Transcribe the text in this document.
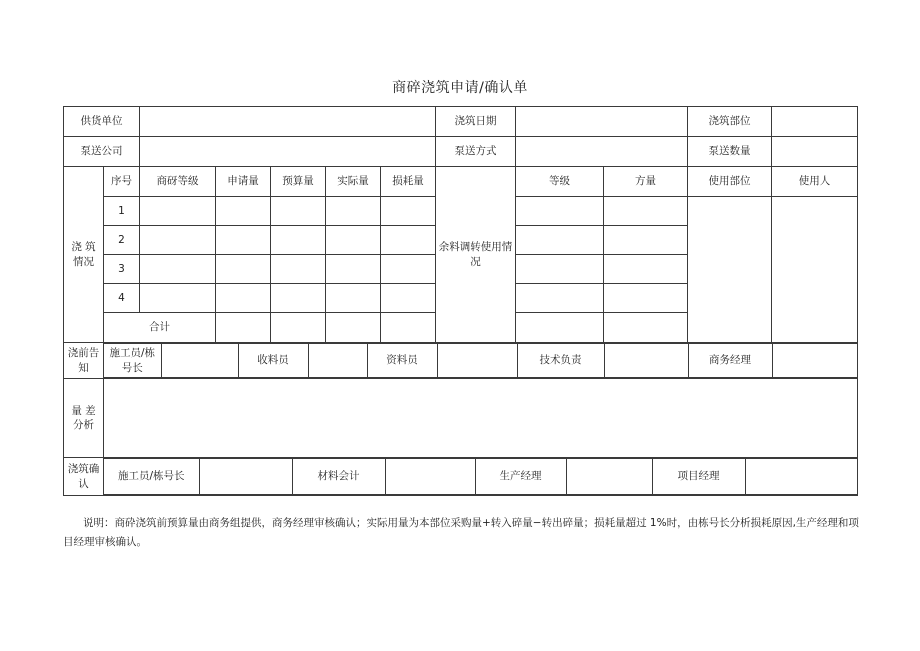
商碎浇筑申请/确认单
供货单位		浇筑日期		浇筑部位	
泵送公司		泵送方式		泵送数量	
浇 筑
情况	序号	商砑等级	申请量	预算量	实际量	损耗量	余料调转使用情况	等级	方量	使用部位	使用人
1									
2							
3							
4							
合计						
浇前告知	
施工员/栋号长		收料员		资料员		技术负责		商务经理	

量 差
分析	
浇筑确认	
施工员/栋号长		材料会计		生产经理		项目经理	
说明：商砕浇筑前预算量由商务组提供，商务经理审核确认；实际用量为本部位采购量+转入碎量−转出碎量；损耗量超过 1%时，由栋号长分析损耗原因,生产经理和项目经理审核确认。
